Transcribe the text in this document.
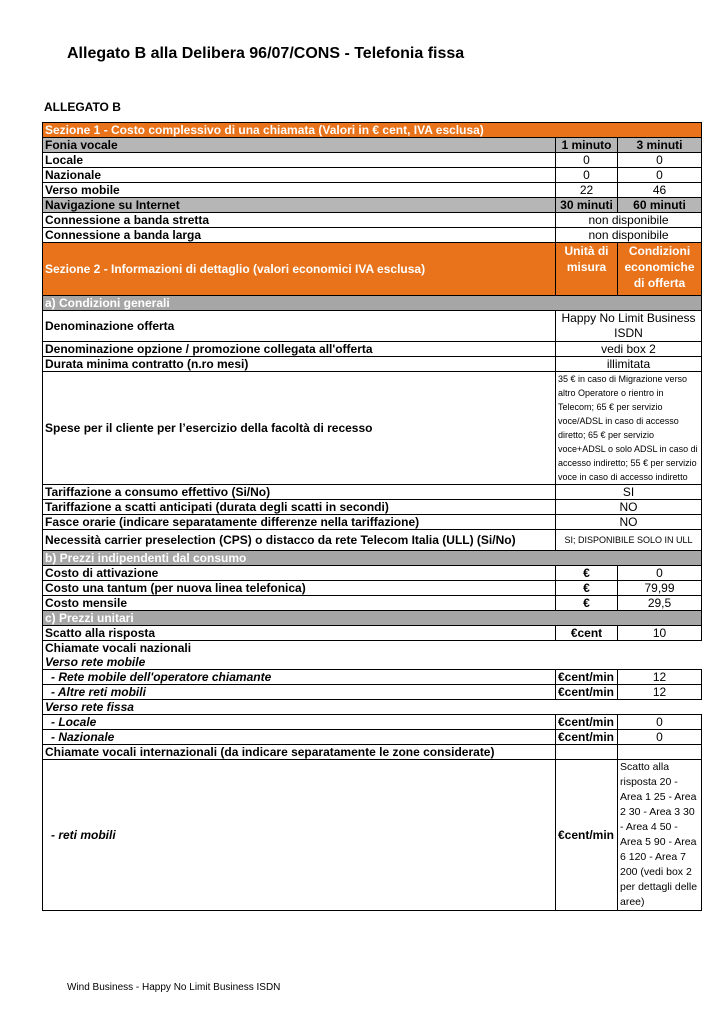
Allegato B alla Delibera 96/07/CONS - Telefonia fissa
ALLEGATO B
Sezione 1 - Costo complessivo di una chiamata (Valori in € cent, IVA esclusa)		
Fonia vocale	1 minuto	3 minuti
Locale	0	0
Nazionale	0	0
Verso mobile	22	46
Navigazione su Internet	30 minuti	60 minuti
Connessione a banda stretta	non disponibile	
Connessione a banda larga	non disponibile	
Sezione 2 - Informazioni di dettaglio (valori economici IVA esclusa)	Unità di misura	Condizioni economiche di offerta
a) Condizioni generali		
Denominazione offerta	Happy No Limit Business ISDN	
Denominazione opzione / promozione collegata all'offerta	vedi box 2	
Durata minima contratto (n.ro mesi)	illimitata	
Spese per il cliente per l’esercizio della facoltà di recesso	35 € in caso di Migrazione verso altro Operatore o rientro in Telecom; 65 € per servizio voce/ADSL in caso di accesso diretto; 65 € per servizio voce+ADSL o solo ADSL in caso di accesso indiretto; 55 € per servizio voce in caso di accesso indiretto	
Tariffazione a consumo effettivo (Si/No)	SI	
Tariffazione a scatti anticipati (durata degli scatti in secondi)	NO	
Fasce orarie (indicare separatamente differenze nella tariffazione)	NO	
Necessità carrier preselection (CPS) o distacco da rete Telecom Italia (ULL) (Si/No)	SI; DISPONIBILE SOLO IN ULL	
b) Prezzi indipendenti dal consumo		
Costo di attivazione	€	0
Costo una tantum (per nuova linea telefonica)	€	79,99
Costo mensile	€	29,5
c) Prezzi unitari		
Scatto alla risposta	€cent	10
Chiamate vocali nazionali		
Verso rete mobile		
- Rete mobile dell'operatore chiamante	€cent/min	12
- Altre reti mobili	€cent/min	12
Verso rete fissa		
- Locale	€cent/min	0
- Nazionale	€cent/min	0
Chiamate vocali internazionali (da indicare separatamente le zone considerate)		
- reti mobili	€cent/min	Scatto alla risposta 20 - Area 1 25 - Area 2 30 - Area 3 30 - Area 4 50 - Area 5 90 - Area 6 120 - Area 7 200 (vedi box 2 per dettagli delle aree)
Wind Business - Happy No Limit Business ISDN
